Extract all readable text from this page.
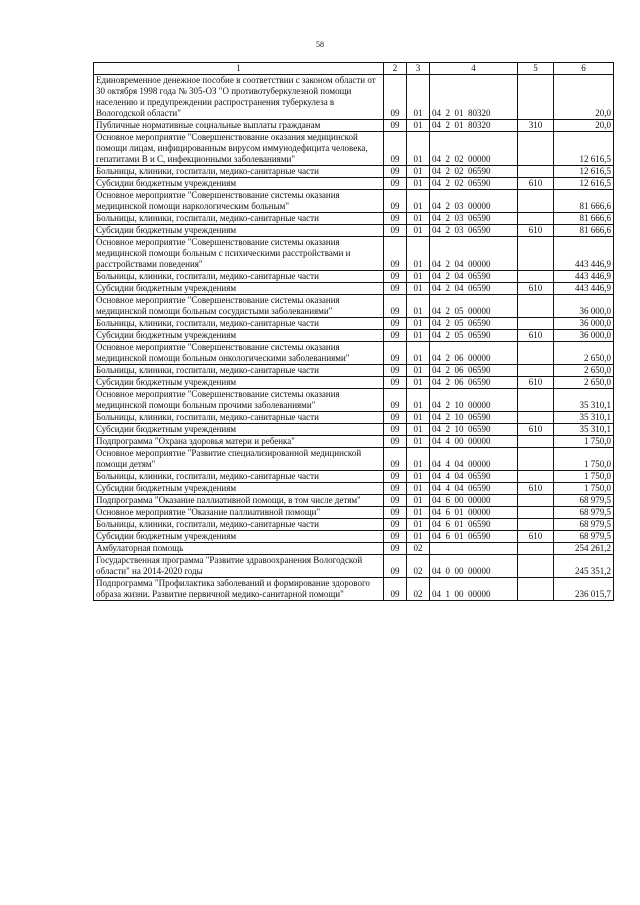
58
1	2	3	4	5	6
Единовременное денежное пособие в соответствии с законом области от 30 октября 1998 года № 305-ОЗ "О противотуберкулезной помощи населению и предупреждении распространения туберкулеза в Вологодской области"	09	01	04  2  01  80320		20,0
Публичные нормативные социальные выплаты гражданам	09	01	04  2  01  80320	310	20,0
Основное мероприятие "Совершенствование оказания медицинской помощи лицам, инфицированным вирусом иммунодефицита человека, гепатитами В и С, инфекционными заболеваниями"	09	01	04  2  02  00000		12 616,5
Больницы, клиники, госпитали, медико-санитарные части	09	01	04  2  02  06590		12 616,5
Субсидии бюджетным учреждениям	09	01	04  2  02  06590	610	12 616,5
Основное мероприятие "Совершенствование системы оказания медицинской помощи наркологическим больным"	09	01	04  2  03  00000		81 666,6
Больницы, клиники, госпитали, медико-санитарные части	09	01	04  2  03  06590		81 666,6
Субсидии бюджетным учреждениям	09	01	04  2  03  06590	610	81 666,6
Основное мероприятие "Совершенствование системы оказания медицинской помощи больным с психическими расстройствами и расстройствами поведения"	09	01	04  2  04  00000		443 446,9
Больницы, клиники, госпитали, медико-санитарные части	09	01	04  2  04  06590		443 446,9
Субсидии бюджетным учреждениям	09	01	04  2  04  06590	610	443 446,9
Основное мероприятие "Совершенствование системы оказания медицинской помощи больным сосудистыми заболеваниями"	09	01	04  2  05  00000		36 000,0
Больницы, клиники, госпитали, медико-санитарные части	09	01	04  2  05  06590		36 000,0
Субсидии бюджетным учреждениям	09	01	04  2  05  06590	610	36 000,0
Основное мероприятие "Совершенствование системы оказания медицинской помощи больным онкологическими заболеваниями"	09	01	04  2  06  00000		2 650,0
Больницы, клиники, госпитали, медико-санитарные части	09	01	04  2  06  06590		2 650,0
Субсидии бюджетным учреждениям	09	01	04  2  06  06590	610	2 650,0
Основное мероприятие "Совершенствование системы оказания медицинской помощи больным прочими заболеваниями"	09	01	04  2  10  00000		35 310,1
Больницы, клиники, госпитали, медико-санитарные части	09	01	04  2  10  06590		35 310,1
Субсидии бюджетным учреждениям	09	01	04  2  10  06590	610	35 310,1
Подпрограмма "Охрана здоровья матери и ребенка"	09	01	04  4  00  00000		1 750,0
Основное мероприятие "Развитие специализированной медицинской помощи детям"	09	01	04  4  04  00000		1 750,0
Больницы, клиники, госпитали, медико-санитарные части	09	01	04  4  04  06590		1 750,0
Субсидии бюджетным учреждениям	09	01	04  4  04  06590	610	1 750,0
Подпрограмма "Оказание паллиативной помощи, в том числе детям"	09	01	04  6  00  00000		68 979,5
Основное мероприятие "Оказание паллиативной помощи"	09	01	04  6  01  00000		68 979,5
Больницы, клиники, госпитали, медико-санитарные части	09	01	04  6  01  06590		68 979,5
Субсидии бюджетным учреждениям	09	01	04  6  01  06590	610	68 979,5
Амбулаторная помощь	09	02			254 261,2
Государственная программа "Развитие здравоохранения Вологодской области" на 2014-2020 годы	09	02	04  0  00  00000		245 351,2
Подпрограмма "Профилактика заболеваний и формирование здорового образа жизни. Развитие первичной медико-санитарной помощи"	09	02	04  1  00  00000		236 015,7
